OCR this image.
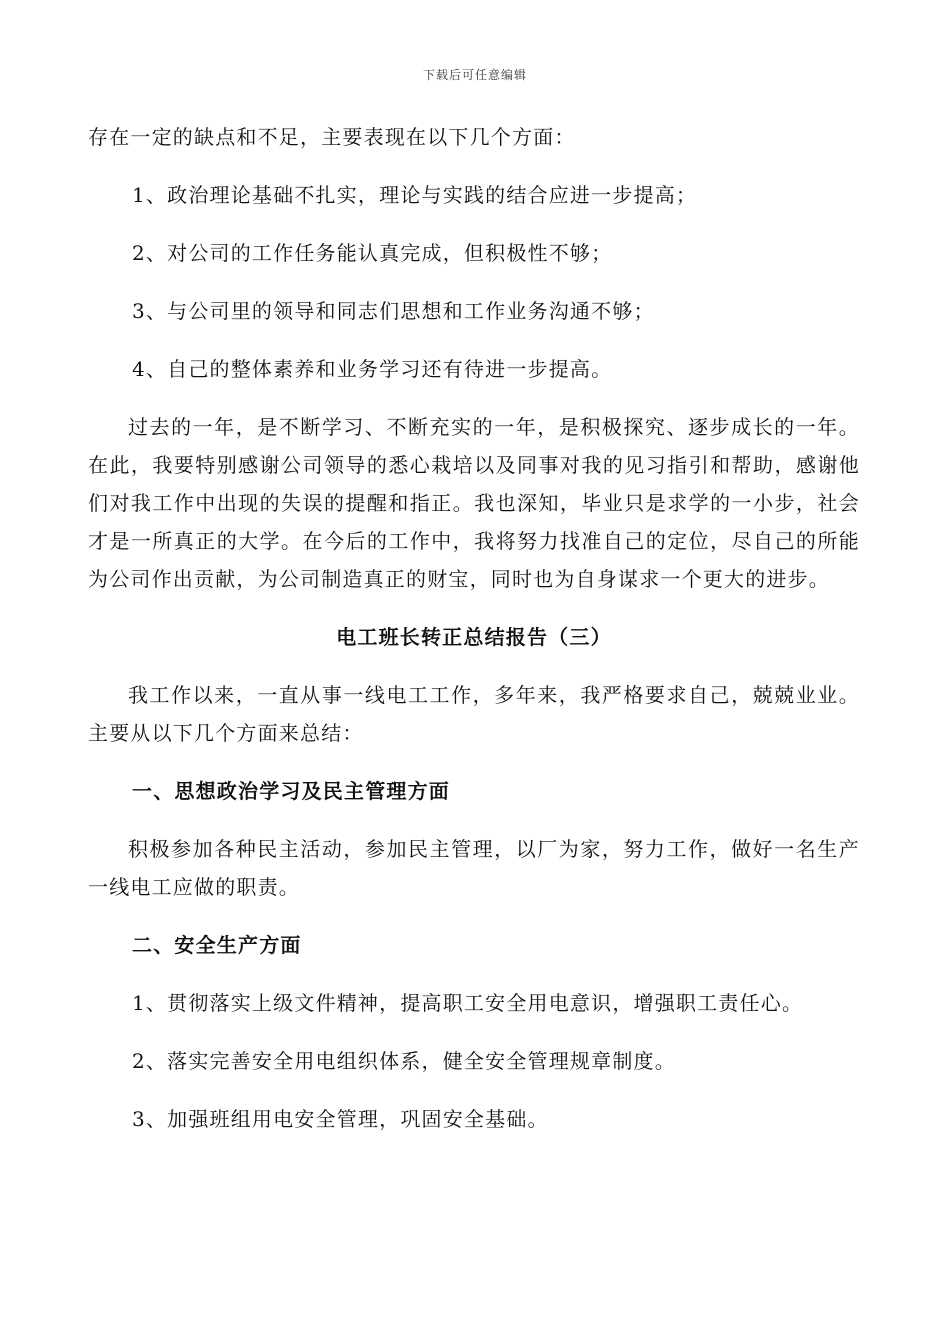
下载后可任意编辑

存在一定的缺点和不足，主要表现在以下几个方面：

1、政治理论基础不扎实，理论与实践的结合应进一步提高；

2、对公司的工作任务能认真完成，但积极性不够；

3、与公司里的领导和同志们思想和工作业务沟通不够；

4、自己的整体素养和业务学习还有待进一步提高。

过去的一年，是不断学习、不断充实的一年，是积极探究、逐步成长的一年。在此，我要特别感谢公司领导的悉心栽培以及同事对我的见习指引和帮助，感谢他们对我工作中出现的失误的提醒和指正。我也深知，毕业只是求学的一小步，社会才是一所真正的大学。在今后的工作中，我将努力找准自己的定位，尽自己的所能为公司作出贡献，为公司制造真正的财宝，同时也为自身谋求一个更大的进步。

电工班长转正总结报告（三）

我工作以来，一直从事一线电工工作，多年来，我严格要求自己，兢兢业业。主要从以下几个方面来总结：

一、思想政治学习及民主管理方面

积极参加各种民主活动，参加民主管理，以厂为家，努力工作，做好一名生产一线电工应做的职责。

二、安全生产方面

1、贯彻落实上级文件精神，提高职工安全用电意识，增强职工责任心。

2、落实完善安全用电组织体系，健全安全管理规章制度。

3、加强班组用电安全管理，巩固安全基础。
